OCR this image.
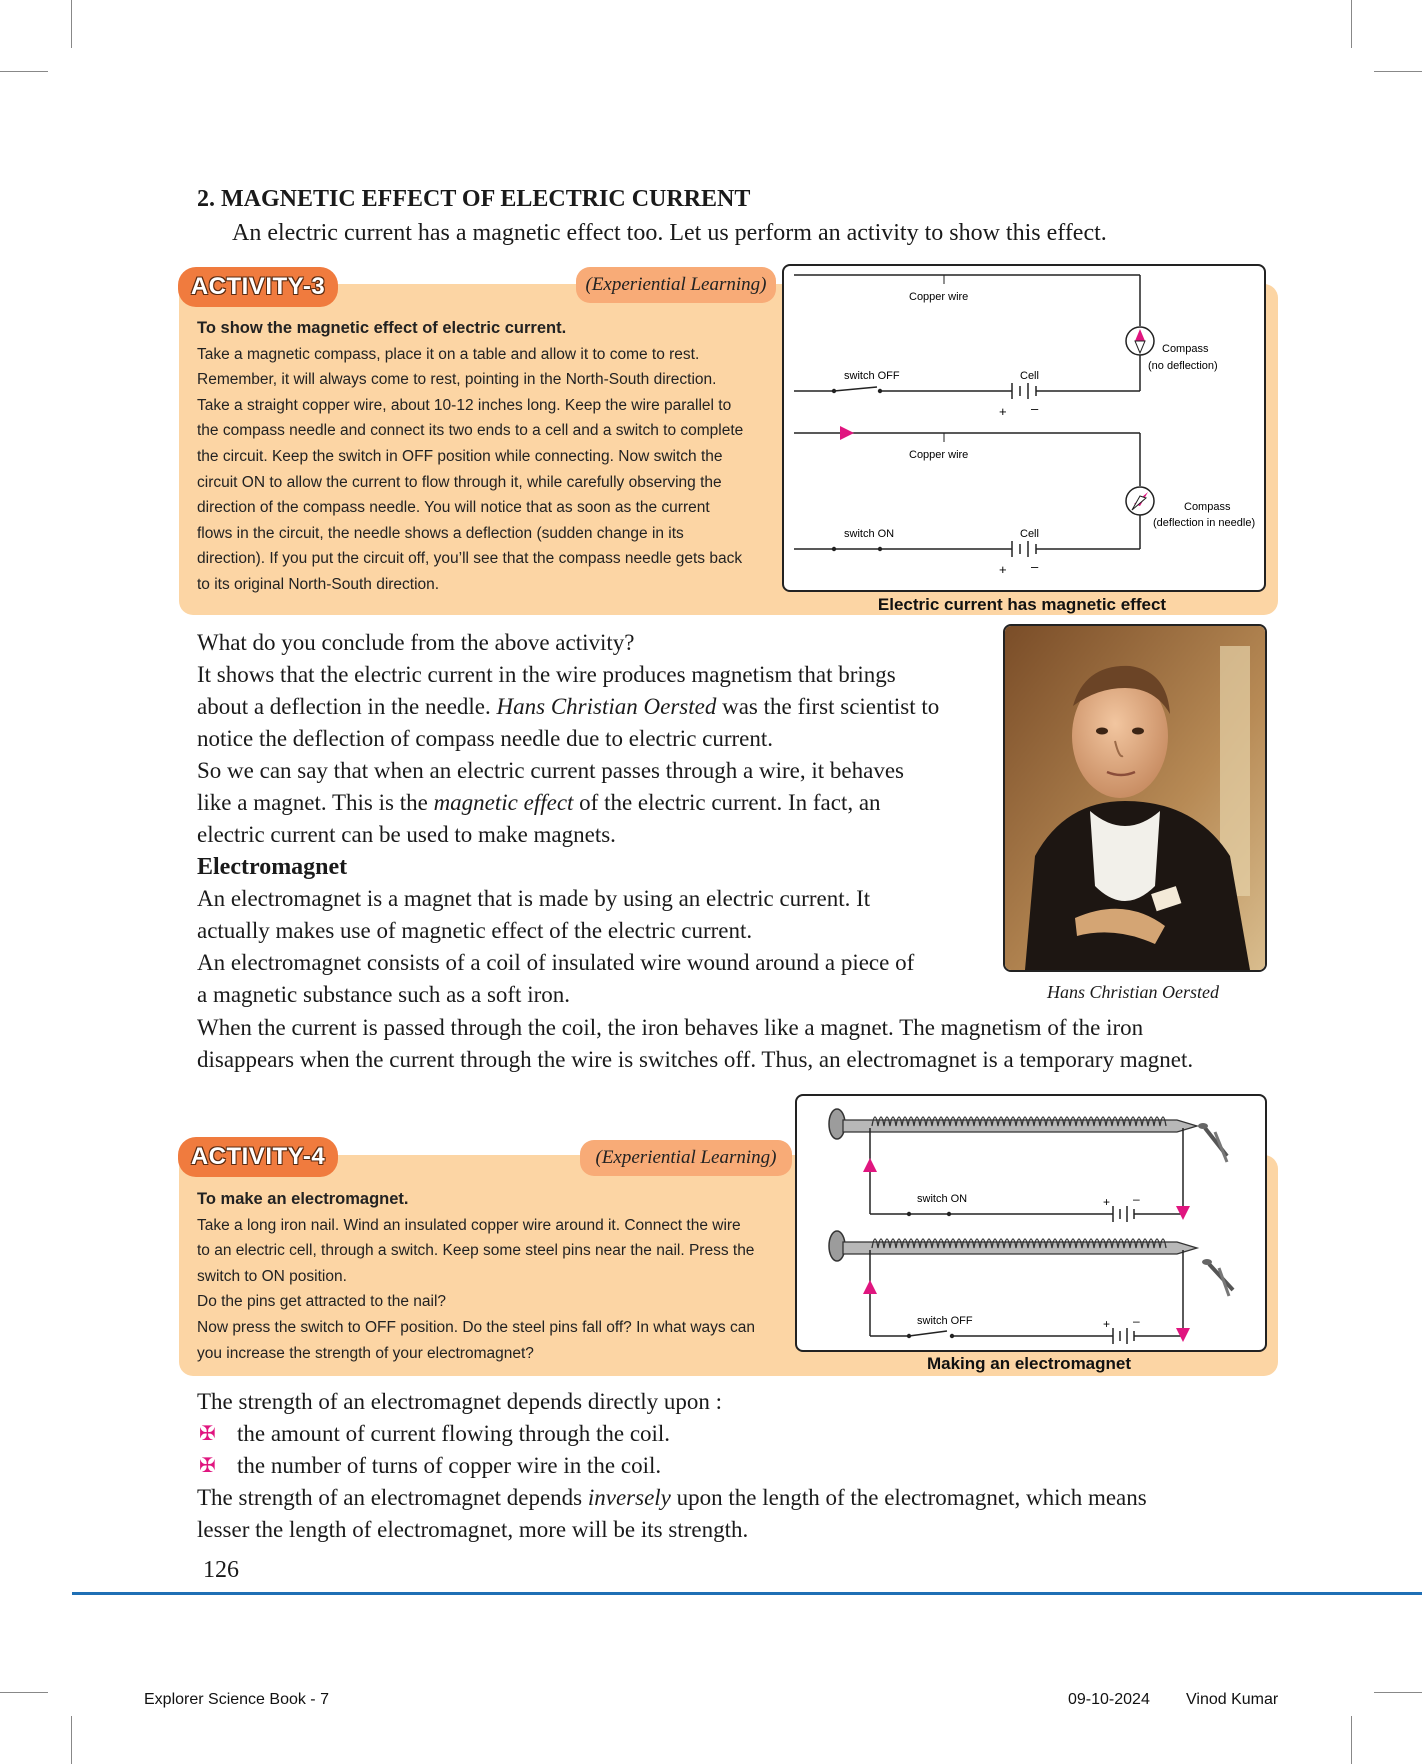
2. MAGNETIC EFFECT OF ELECTRIC CURRENT
An electric current has a magnetic effect too. Let us perform an activity to show this effect.
ACTIVITY-3	(Experiential Learning)
To show the magnetic effect of electric current.
Take a magnetic compass, place it on a table and allow it to come to rest.
Remember, it will always come to rest, pointing in the North-South direction.
Take a straight copper wire, about 10-12 inches long. Keep the wire parallel to
the compass needle and connect its two ends to a cell and a switch to complete
the circuit. Keep the switch in OFF position while connecting. Now switch the
circuit ON to allow the current to flow through it, while carefully observing the
direction of the compass needle. You will notice that as soon as the current
flows in the circuit, the needle shows a deflection (sudden change in its
direction). If you put the circuit off, you’ll see that the compass needle gets back
to its original North-South direction.
Copper wire
switch OFF	Cell
+ –
Compass
(no deflection)
Copper wire
switch ON	Cell
+ –
Compass
(deflection in needle)
Electric current has magnetic effect
What do you conclude from the above activity?
It shows that the electric current in the wire produces magnetism that brings
about a deflection in the needle. Hans Christian Oersted was the first scientist to
notice the deflection of compass needle due to electric current.
So we can say that when an electric current passes through a wire, it behaves
like a magnet. This is the magnetic effect of the electric current. In fact, an
electric current can be used to make magnets.
Electromagnet
An electromagnet is a magnet that is made by using an electric current. It
actually makes use of magnetic effect of the electric current.
An electromagnet consists of a coil of insulated wire wound around a piece of
a magnetic substance such as a soft iron.
When the current is passed through the coil, the iron behaves like a magnet. The magnetism of the iron
disappears when the current through the wire is switches off. Thus, an electromagnet is a temporary magnet.
Hans Christian Oersted
ACTIVITY-4	(Experiential Learning)
To make an electromagnet.
Take a long iron nail. Wind an insulated copper wire around it. Connect the wire
to an electric cell, through a switch. Keep some steel pins near the nail. Press the
switch to ON position.
Do the pins get attracted to the nail?
Now press the switch to OFF position. Do the steel pins fall off? In what ways can
you increase the strength of your electromagnet?
switch ON	+ –
switch OFF	+ –
Making an electromagnet
The strength of an electromagnet depends directly upon :
✠ the amount of current flowing through the coil.
✠ the number of turns of copper wire in the coil.
The strength of an electromagnet depends inversely upon the length of the electromagnet, which means
lesser the length of electromagnet, more will be its strength.
126
Explorer Science Book - 7	09-10-2024 Vinod Kumar
